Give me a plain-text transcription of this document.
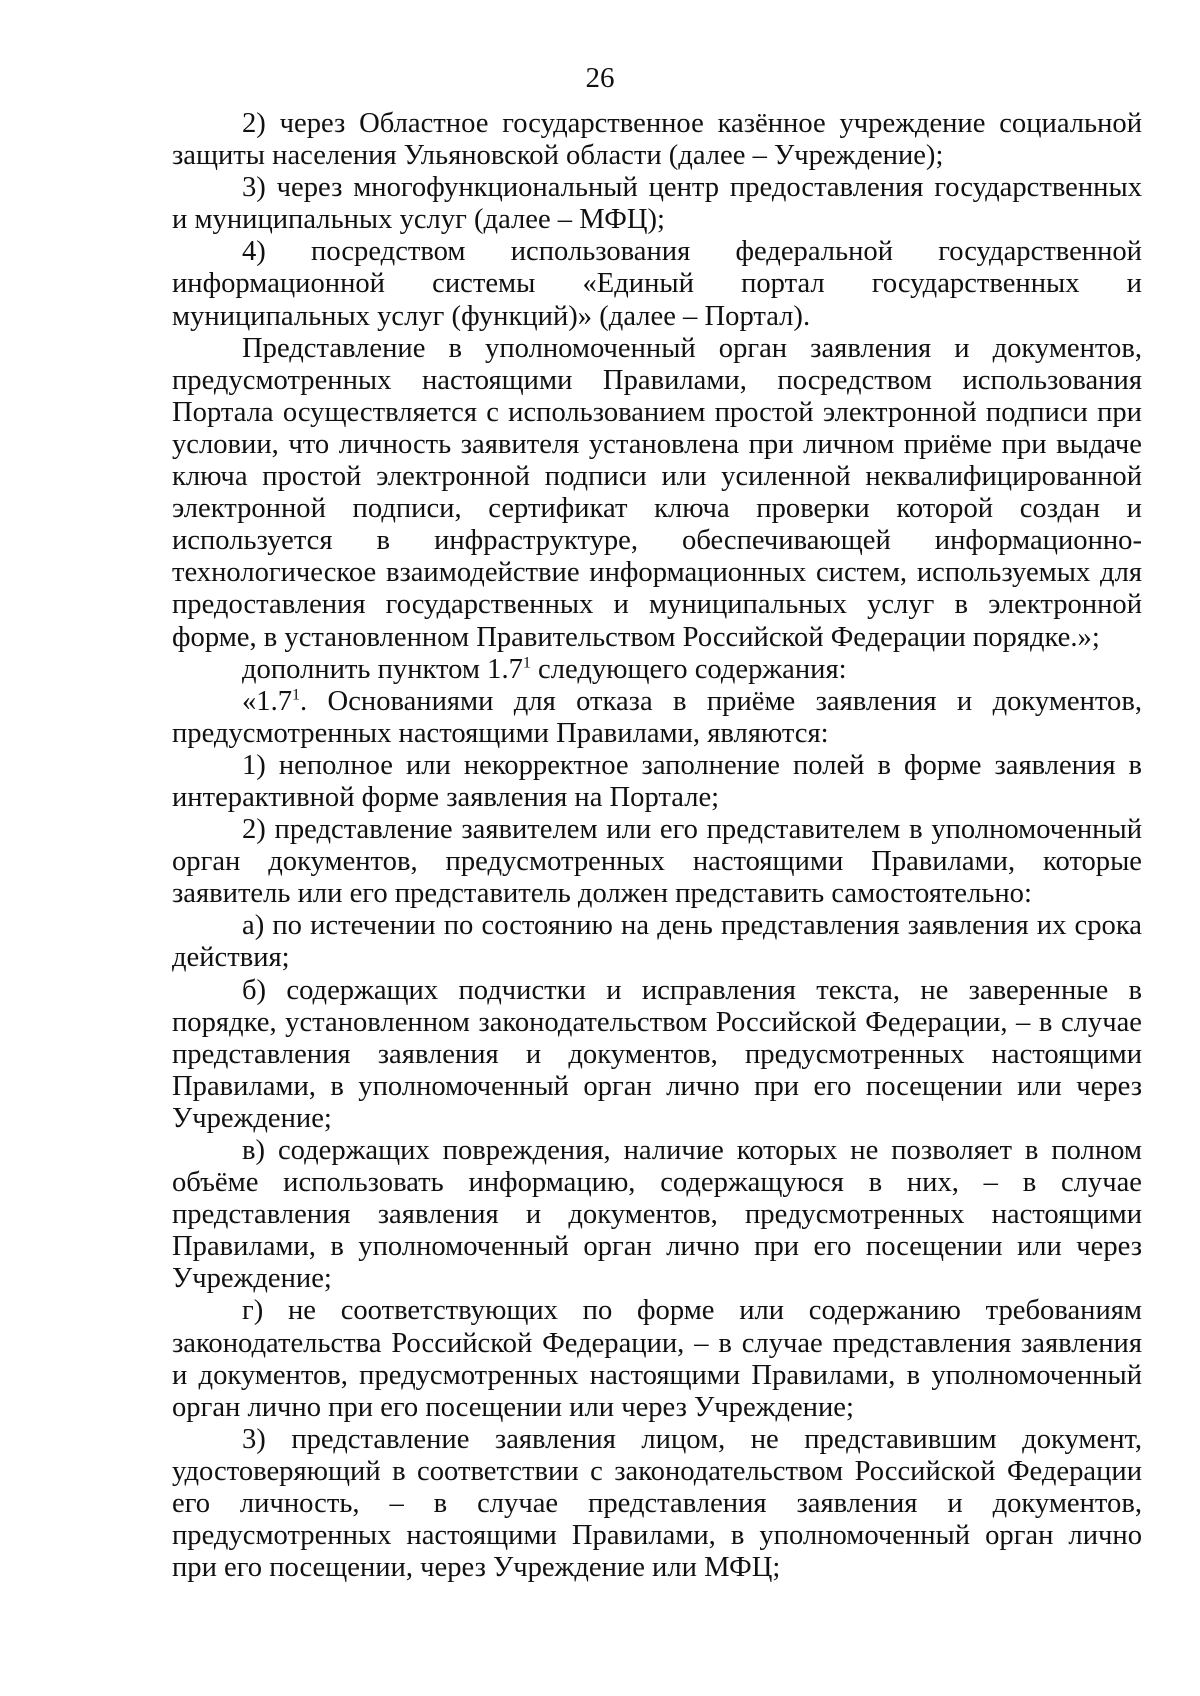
26

2) через Областное государственное казённое учреждение социальной защиты населения Ульяновской области (далее – Учреждение);

3) через многофункциональный центр предоставления государственных и муниципальных услуг (далее – МФЦ);

4) посредством использования федеральной государственной информационной системы «Единый портал государственных и муниципальных услуг (функций)» (далее – Портал).

Представление в уполномоченный орган заявления и документов, предусмотренных настоящими Правилами, посредством использования Портала осуществляется с использованием простой электронной подписи при условии, что личность заявителя установлена при личном приёме при выдаче ключа простой электронной подписи или усиленной неквалифицированной электронной подписи, сертификат ключа проверки которой создан и используется в инфраструктуре, обеспечивающей информационно-технологическое взаимодействие информационных систем, используемых для предоставления государственных и муниципальных услуг в электронной форме, в установленном Правительством Российской Федерации порядке.»;

дополнить пунктом $1.7^1$ следующего содержания:

«$1.7^1$. Основаниями для отказа в приёме заявления и документов, предусмотренных настоящими Правилами, являются:

1) неполное или некорректное заполнение полей в форме заявления в интерактивной форме заявления на Портале;

2) представление заявителем или его представителем в уполномоченный орган документов, предусмотренных настоящими Правилами, которые заявитель или его представитель должен представить самостоятельно:

а) по истечении по состоянию на день представления заявления их срока действия;

б) содержащих подчистки и исправления текста, не заверенные в порядке, установленном законодательством Российской Федерации, – в случае представления заявления и документов, предусмотренных настоящими Правилами, в уполномоченный орган лично при его посещении или через Учреждение;

в) содержащих повреждения, наличие которых не позволяет в полном объёме использовать информацию, содержащуюся в них, – в случае представления заявления и документов, предусмотренных настоящими Правилами, в уполномоченный орган лично при его посещении или через Учреждение;

г) не соответствующих по форме или содержанию требованиям законодательства Российской Федерации, – в случае представления заявления и документов, предусмотренных настоящими Правилами, в уполномоченный орган лично при его посещении или через Учреждение;

3) представление заявления лицом, не представившим документ, удостоверяющий в соответствии с законодательством Российской Федерации его личность, – в случае представления заявления и документов, предусмотренных настоящими Правилами, в уполномоченный орган лично при его посещении, через Учреждение или МФЦ;
